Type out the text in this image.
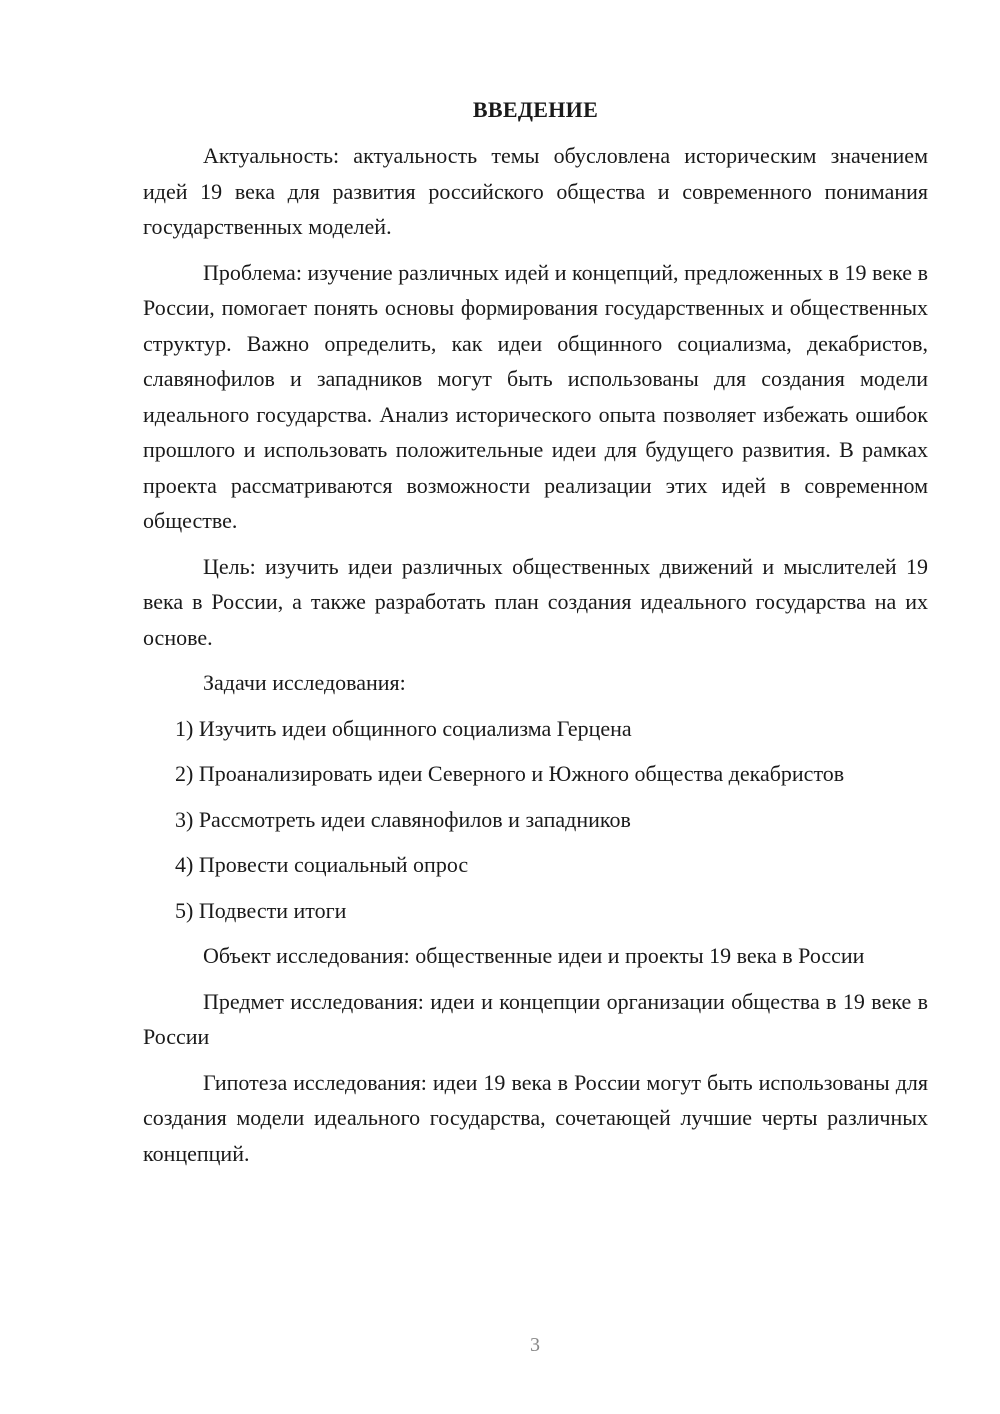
ВВЕДЕНИЕ

Актуальность: актуальность темы обусловлена историческим значением идей 19 века для развития российского общества и современного понимания государственных моделей.

Проблема: изучение различных идей и концепций, предложенных в 19 веке в России, помогает понять основы формирования государственных и общественных структур. Важно определить, как идеи общинного социализма, декабристов, славянофилов и западников могут быть использованы для создания модели идеального государства. Анализ исторического опыта позволяет избежать ошибок прошлого и использовать положительные идеи для будущего развития. В рамках проекта рассматриваются возможности реализации этих идей в современном обществе.

Цель: изучить идеи различных общественных движений и мыслителей 19 века в России, а также разработать план создания идеального государства на их основе.

Задачи исследования:

1) Изучить идеи общинного социализма Герцена

2) Проанализировать идеи Северного и Южного общества декабристов

3) Рассмотреть идеи славянофилов и западников

4) Провести социальный опрос

5) Подвести итоги

Объект исследования: общественные идеи и проекты 19 века в России

Предмет исследования: идеи и концепции организации общества в 19 веке в России

Гипотеза исследования: идеи 19 века в России могут быть использованы для создания модели идеального государства, сочетающей лучшие черты различных концепций.

3
